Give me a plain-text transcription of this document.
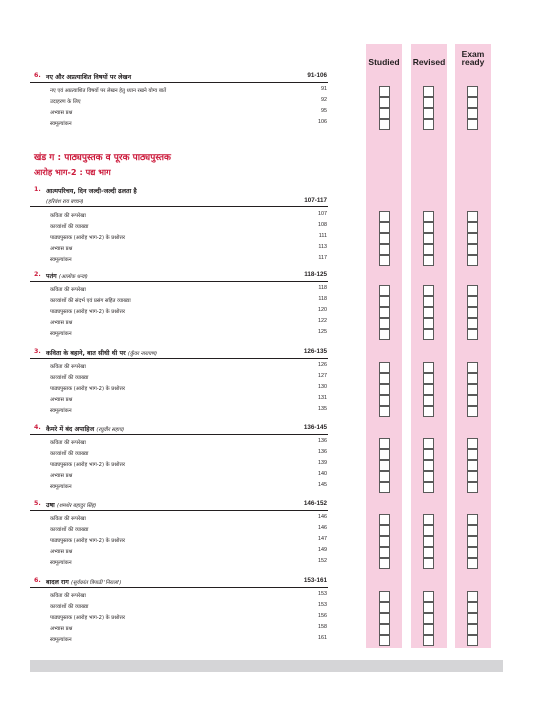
Studied	Revised
Exam
ready
6. नए और अप्रत्याशित विषयों पर लेखन	91-106
नए एवं अप्रत्याशित विषयों पर लेखन हेतु ध्यान रखने योग्य बातें	91
उदाहरण के लिए	92
अभ्यास प्रश्न	95
स्वमूल्यांकन	106
खंड ग : पाठ्यपुस्तक व पूरक पाठ्यपुस्तक
आरोह भाग-2 : पद्य भाग
1. आत्मपरिचय, दिन जल्दी-जल्दी ढलता है
(हरिवंश राय बच्चन)	107-117
कविता की रूपरेखा	107
काव्यांशों की व्याख्या	108
पाठ्यपुस्तक (आरोह भाग-2) के प्रश्नोत्तर	111
अभ्यास प्रश्न	113
स्वमूल्यांकन	117
2. पतंग (आलोक धन्वा)	118-125
कविता की रूपरेखा	118
काव्यांशों की संदर्भ एवं प्रसंग सहित व्याख्या	118
पाठ्यपुस्तक (आरोह भाग-2) के प्रश्नोत्तर	120
अभ्यास प्रश्न	122
स्वमूल्यांकन	125
3. कविता के बहाने, बात सीधी थी पर (कुँवर नारायण)	126-135
कविता की रूपरेखा	126
काव्यांशों की व्याख्या	127
पाठ्यपुस्तक (आरोह भाग-2) के प्रश्नोत्तर	130
अभ्यास प्रश्न	131
स्वमूल्यांकन	135
4. कैमरे में बंद अपाहिज (रघुवीर सहाय)	136-145
कविता की रूपरेखा	136
काव्यांशों की व्याख्या	136
पाठ्यपुस्तक (आरोह भाग-2) के प्रश्नोत्तर	139
अभ्यास प्रश्न	140
स्वमूल्यांकन	145
5. उषा (शमशेर बहादुर सिंह)	146-152
कविता की रूपरेखा	146
काव्यांशों की व्याख्या	146
पाठ्यपुस्तक (आरोह भाग-2) के प्रश्नोत्तर	147
अभ्यास प्रश्न	149
स्वमूल्यांकन	152
6. बादल राग (सूर्यकांत त्रिपाठी 'निराला')	153-161
कविता की रूपरेखा	153
काव्यांशों की व्याख्या	153
पाठ्यपुस्तक (आरोह भाग-2) के प्रश्नोत्तर	156
अभ्यास प्रश्न	158
स्वमूल्यांकन	161
